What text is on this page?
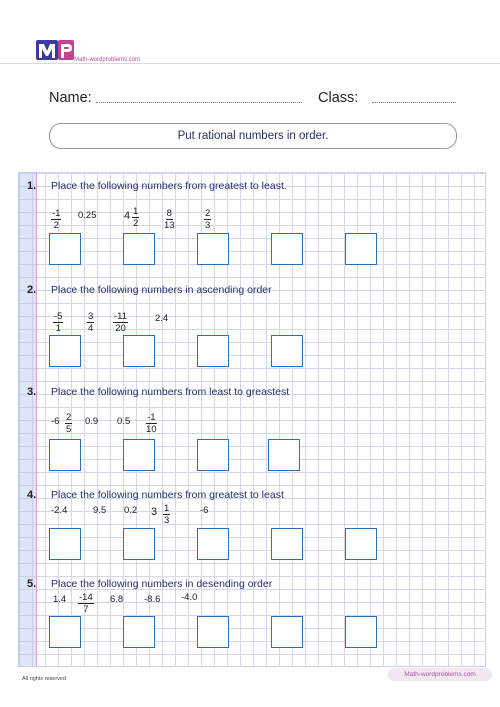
Math-wordproblems.com
Name:	Class:
Put rational numbers in order.
1. Place the following numbers from greatest to least.
$\frac{-1}{2} 0.25$	$4 \frac{1}{2}$	$\frac{8}{13}$	$\frac{2}{3}$
2. Place the following numbers in ascending order
$\frac{-5}{1} \frac{3}{4} \frac{-11}{20}$	2.4
3. Place the following numbers from least to greastest
$-6 \frac{2}{5} 0.9$ $0.5 \frac{-1}{10}$
4. Place the following numbers from greatest to least
-2.4	9.5 0.2 $3 \frac{1}{3}$	-6
5. Place the following numbers in desending order
$1.4 \frac{-14}{7} 6.8$ -8.6 -4.0
All rights reserved
Math-wordproblems.com
